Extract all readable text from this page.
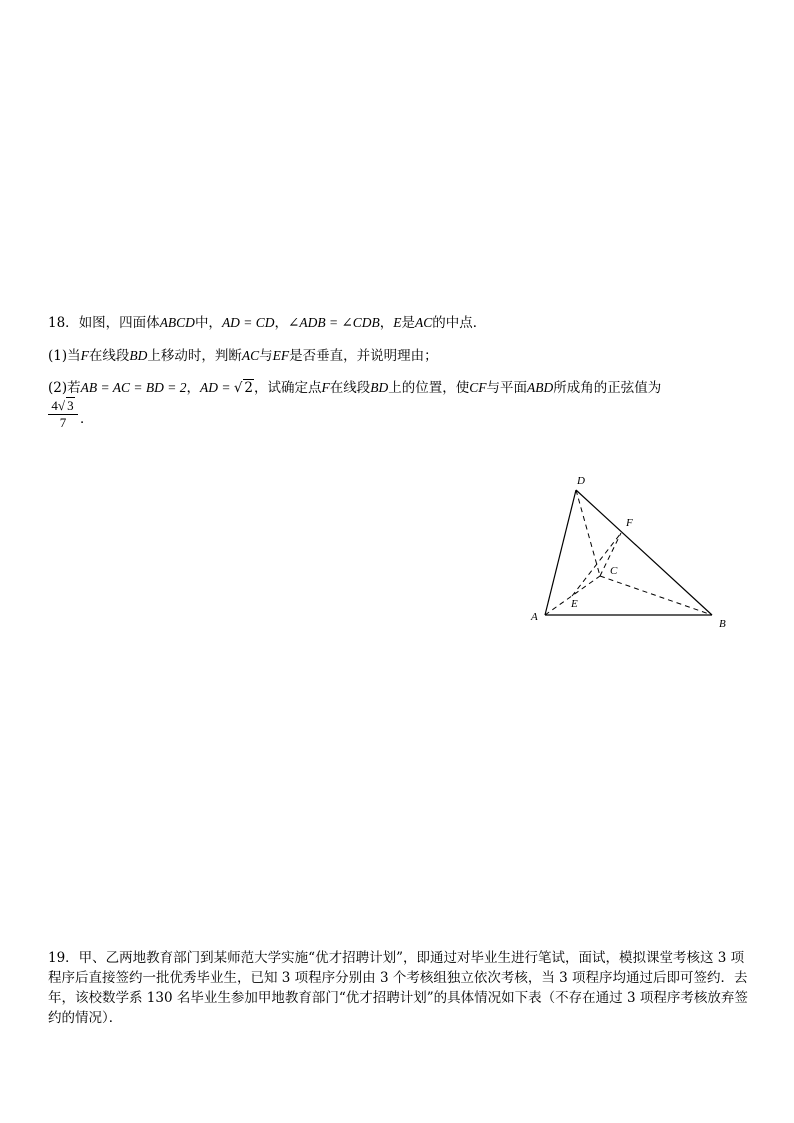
18．如图，四面体ABCD中，AD = CD，∠ADB = ∠CDB，E是AC的中点．
(1)当F在线段BD上移动时，判断AC与EF是否垂直，并说明理由；
(2)若AB = AC = BD = 2，AD = √ 2，试确定点F在线段BD上的位置，使CF与平面ABD所成角的正弦值为
4√ 3
7	．
D
F
C
E
A
B
19．甲、乙两地教育部门到某师范大学实施“优才招聘计划”，即通过对毕业生进行笔试，面试，模拟课堂考核这 3 项程序后直接签约一批优秀毕业生，已知 3 项程序分别由 3 个考核组独立依次考核，当 3 项程序均通过后即可签约．去年，该校数学系 130 名毕业生参加甲地教育部门“优才招聘计划”的具体情况如下表（不存在通过 3 项程序考核放弃签约的情况）．
